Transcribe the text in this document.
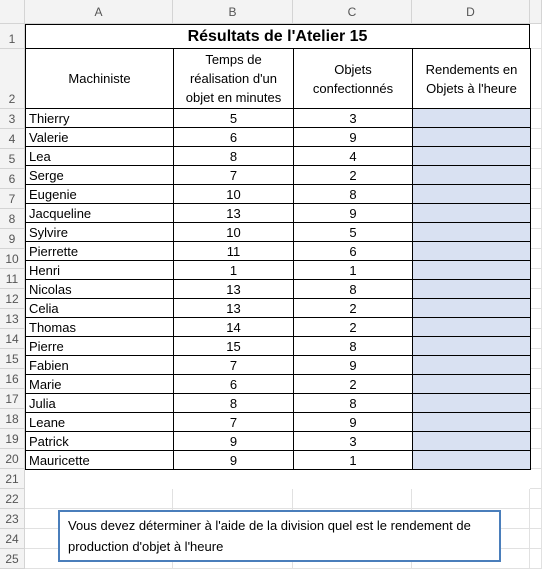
A	B	C	D
1
2
3
4
5
6
7
8
9
10
11
12
13
14
15
16
17
18
19
20
21
22
23
24
25
Résultats de l'Atelier 15
Machiniste	Temps de réalisation d'un objet en minutes	Objets confectionnés	Rendements en Objets à l'heure
Thierry	5	3	
Valerie	6	9	
Lea	8	4	
Serge	7	2	
Eugenie	10	8	
Jacqueline	13	9	
Sylvire	10	5	
Pierrette	11	6	
Henri	1	1	
Nicolas	13	8	
Celia	13	2	
Thomas	14	2	
Pierre	15	8	
Fabien	7	9	
Marie	6	2	
Julia	8	8	
Leane	7	9	
Patrick	9	3	
Mauricette	9	1	
Vous devez déterminer à l'aide de la division quel est le rendement de production d'objet à l'heure
